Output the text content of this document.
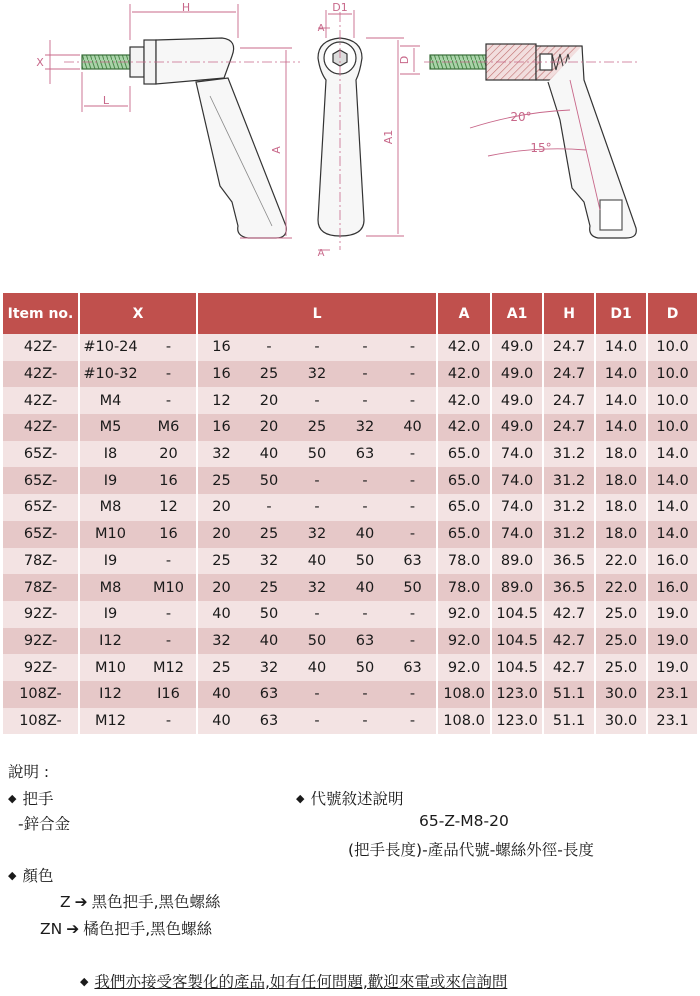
H
X
L
A
D1
A
A
A1
D
20°
15°
Item no.	X		L					A	A1	H	D1	D
42Z-	#10-24	-	16	-	-	-	-	42.0	49.0	24.7	14.0	10.0
42Z-	#10-32	-	16	25	32	-	-	42.0	49.0	24.7	14.0	10.0
42Z-	M4	-	12	20	-	-	-	42.0	49.0	24.7	14.0	10.0
42Z-	M5	M6	16	20	25	32	40	42.0	49.0	24.7	14.0	10.0
65Z-	I8	20	32	40	50	63	-	65.0	74.0	31.2	18.0	14.0
65Z-	I9	16	25	50	-	-	-	65.0	74.0	31.2	18.0	14.0
65Z-	M8	12	20	-	-	-	-	65.0	74.0	31.2	18.0	14.0
65Z-	M10	16	20	25	32	40	-	65.0	74.0	31.2	18.0	14.0
78Z-	I9	-	25	32	40	50	63	78.0	89.0	36.5	22.0	16.0
78Z-	M8	M10	20	25	32	40	50	78.0	89.0	36.5	22.0	16.0
92Z-	I9	-	40	50	-	-	-	92.0	104.5	42.7	25.0	19.0
92Z-	I12	-	32	40	50	63	-	92.0	104.5	42.7	25.0	19.0
92Z-	M10	M12	25	32	40	50	63	92.0	104.5	42.7	25.0	19.0
108Z-	I12	I16	40	63	-	-	-	108.0	123.0	51.1	30.0	23.1
108Z-	M12	-	40	63	-	-	-	108.0	123.0	51.1	30.0	23.1
說明 :
◆ 把手
-鋅合金
◆ 代號敘述說明
65-Z-M8-20
(把手長度)-產品代號-螺絲外徑-長度
◆ 顏色
Z ➔ 黑色把手,黑色螺絲
ZN ➔ 橘色把手,黑色螺絲
◆ 我們亦接受客製化的產品,如有任何問題,歡迎來電或來信詢問
